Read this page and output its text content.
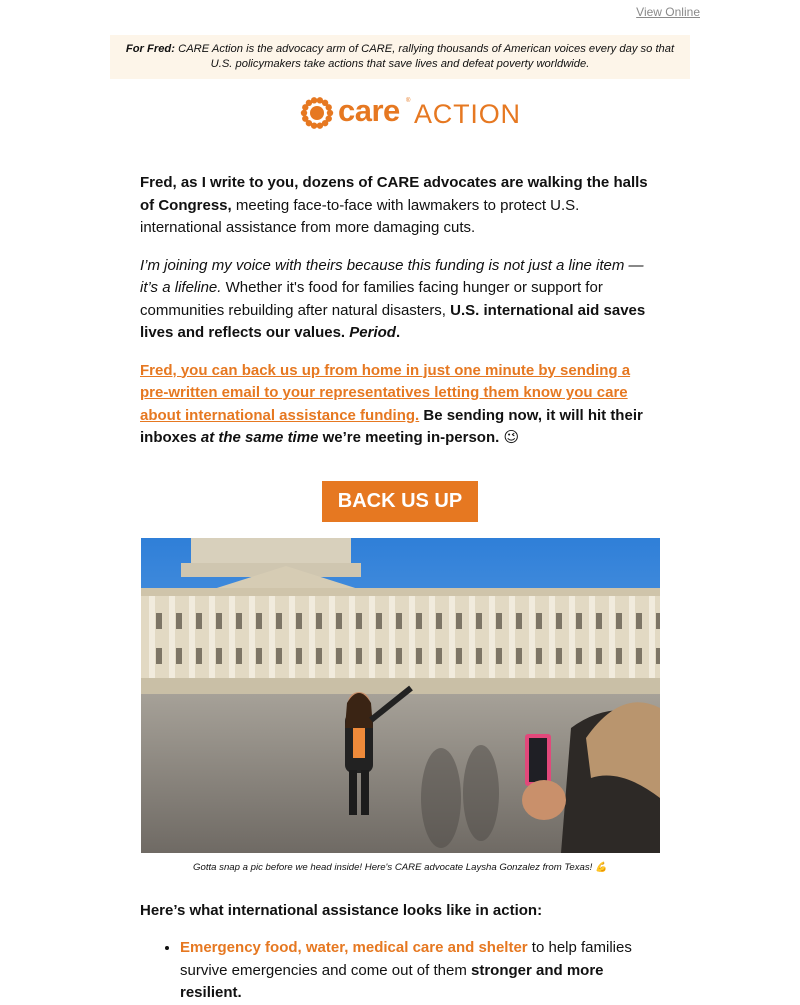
View Online
For Fred: CARE Action is the advocacy arm of CARE, rallying thousands of American voices every day so that U.S. policymakers take actions that save lives and defeat poverty worldwide.
care ® ACTION

Fred, as I write to you, dozens of CARE advocates are walking the halls of Congress, meeting face-to-face with lawmakers to protect U.S. international assistance from more damaging cuts.

I’m joining my voice with theirs because this funding is not just a line item — it’s a lifeline. Whether it's food for families facing hunger or support for communities rebuilding after natural disasters, U.S. international aid saves lives and reflects our values. Period.

Fred, you can back us up from home in just one minute by sending a pre-written email to your representatives letting them know you care about international assistance funding. Be sending now, it will hit their inboxes at the same time we’re meeting in-person. 😉

BACK US UP
Gotta snap a pic before we head inside! Here's CARE advocate Laysha Gonzalez from Texas! 💪
Here’s what international assistance looks like in action:
• Emergency food, water, medical care and shelter to help families survive emergencies and come out of them stronger and more resilient.
